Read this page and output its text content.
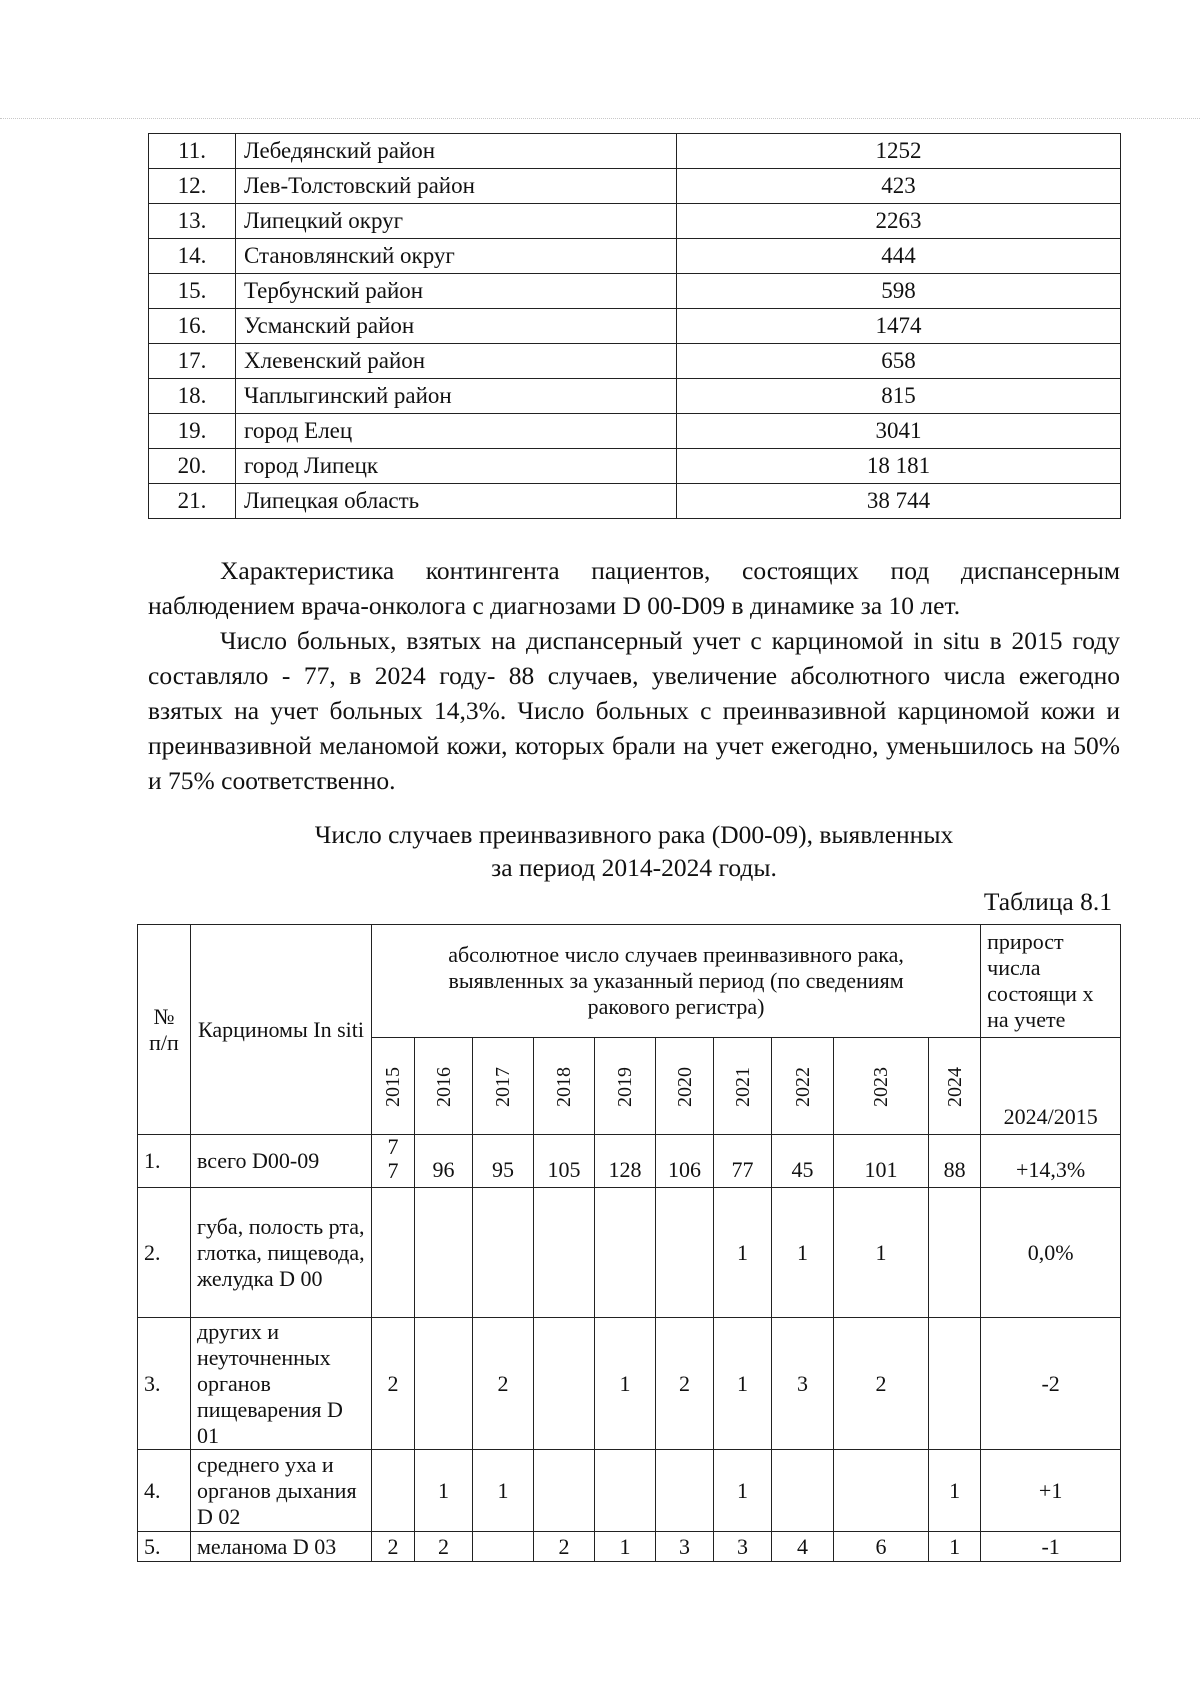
11.	Лебедянский район	1252
12.	Лев-Толстовский район	423
13.	Липецкий округ	2263
14.	Становлянский округ	444
15.	Тербунский район	598
16.	Усманский район	1474
17.	Хлевенский район	658
18.	Чаплыгинский район	815
19.	город Елец	3041
20.	город Липецк	18 181
21.	Липецкая область	38 744

Характеристика контингента пациентов, состоящих под диспансерным наблюдением врача-онколога с диагнозами D 00-D09 в динамике за 10 лет.

Число больных, взятых на диспансерный учет с карциномой in situ в 2015 году составляло - 77, в 2024 году- 88 случаев, увеличение абсолютного числа ежегодно взятых на учет больных 14,3%. Число больных с преинвазивной карциномой кожи и преинвазивной меланомой кожи, которых брали на учет ежегодно, уменьшилось на 50% и 75% соответственно.

Число случаев преинвазивного рака (D00-09), выявленных

за период 2014-2024 годы.

Таблица 8.1
№ п/п	Карциномы In siti	абсолютное число случаев преинвазивного рака, выявленных за указанный период (по сведениям ракового регистра)										прирост числа состоящи х на учете
		2015	2016	2017	2018	2019	2020	2021	2022	2023	2024	2024/2015
1.	всего D00-09	77	96	95	105	128	106	77	45	101	88	+14,3%
2.	губа, полость рта, глотка, пищевода, желудка D 00							1	1	1		0,0%
3.	других и неуточненных органов пищеварения D 01	2		2		1	2	1	3	2		-2
4.	среднего уха и органов дыхания D 02		1	1				1			1	+1
5.	меланома D 03	2	2		2	1	3	3	4	6	1	-1
